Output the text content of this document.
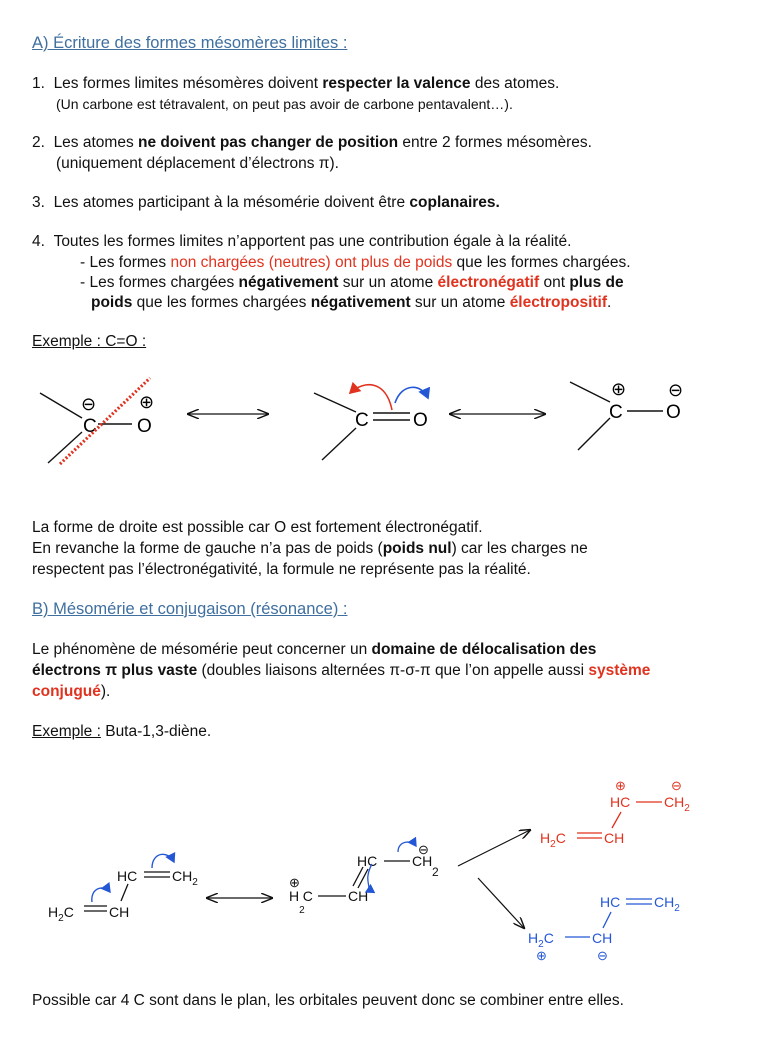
A) Écriture des formes mésomères limites :
1. Les formes limites mésomères doivent respecter la valence des atomes.
(Un carbone est tétravalent, on peut pas avoir de carbone pentavalent…).
2. Les atomes ne doivent pas changer de position entre 2 formes mésomères.
(uniquement déplacement d’électrons π).
3. Les atomes participant à la mésomérie doivent être coplanaires.
4. Toutes les formes limites n’apportent pas une contribution égale à la réalité.
- Les formes non chargées (neutres) ont plus de poids que les formes chargées.
- Les formes chargées négativement sur un atome électronégatif ont plus de
poids que les formes chargées négativement sur un atome électropositif.
Exemple : C=O :
C O
⊖ ⊕
C O	C O
⊕ ⊖
La forme de droite est possible car O est fortement électronégatif.
En revanche la forme de gauche n’a pas de poids (poids nul) car les charges ne
respectent pas l’électronégativité, la formule ne représente pas la réalité.
B) Mésomérie et conjugaison (résonance) :
Le phénomène de mésomérie peut concerner un domaine de délocalisation des
électrons π plus vaste (doubles liaisons alternées π-σ-π que l’on appelle aussi système
conjugué).
Exemple : Buta-1,3-diène.
$H_2C$	CH
HC $CH_2$	⊕
$H_2C$	CH
HC CH
2
⊖
⊕	⊖
HC $CH_2$
$H_2C$	CH
HC $CH_2$
$H_2C$	CH
⊕	⊖
Possible car 4 C sont dans le plan, les orbitales peuvent donc se combiner entre elles.
